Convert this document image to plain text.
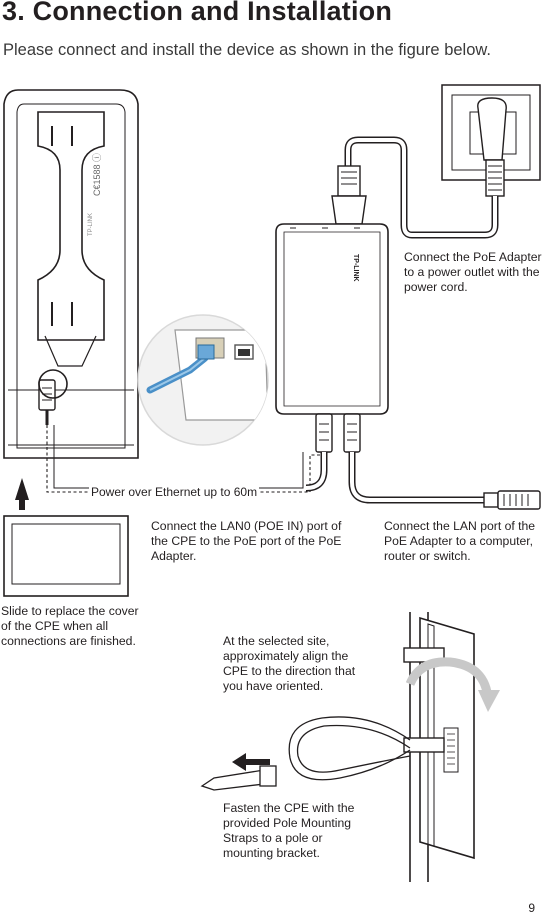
3. Connection and Installation

Please connect and install the device as shown in the figure below.

TP-LINK
C€1588 ⓘ
TP-LINK	Connect the PoE Adapter to a power outlet with the power cord.

Power over Ethernet up to 60m

Connect the LAN0 (POE IN) port of the CPE to the PoE port of the PoE Adapter.

Connect the LAN port of the PoE Adapter to a computer, router or switch.

Slide to replace the cover of the CPE when all connections are finished.	At the selected site, approximately align the CPE to the direction that you have oriented.

Fasten the CPE with the provided Pole Mounting Straps to a pole or mounting bracket.

9
